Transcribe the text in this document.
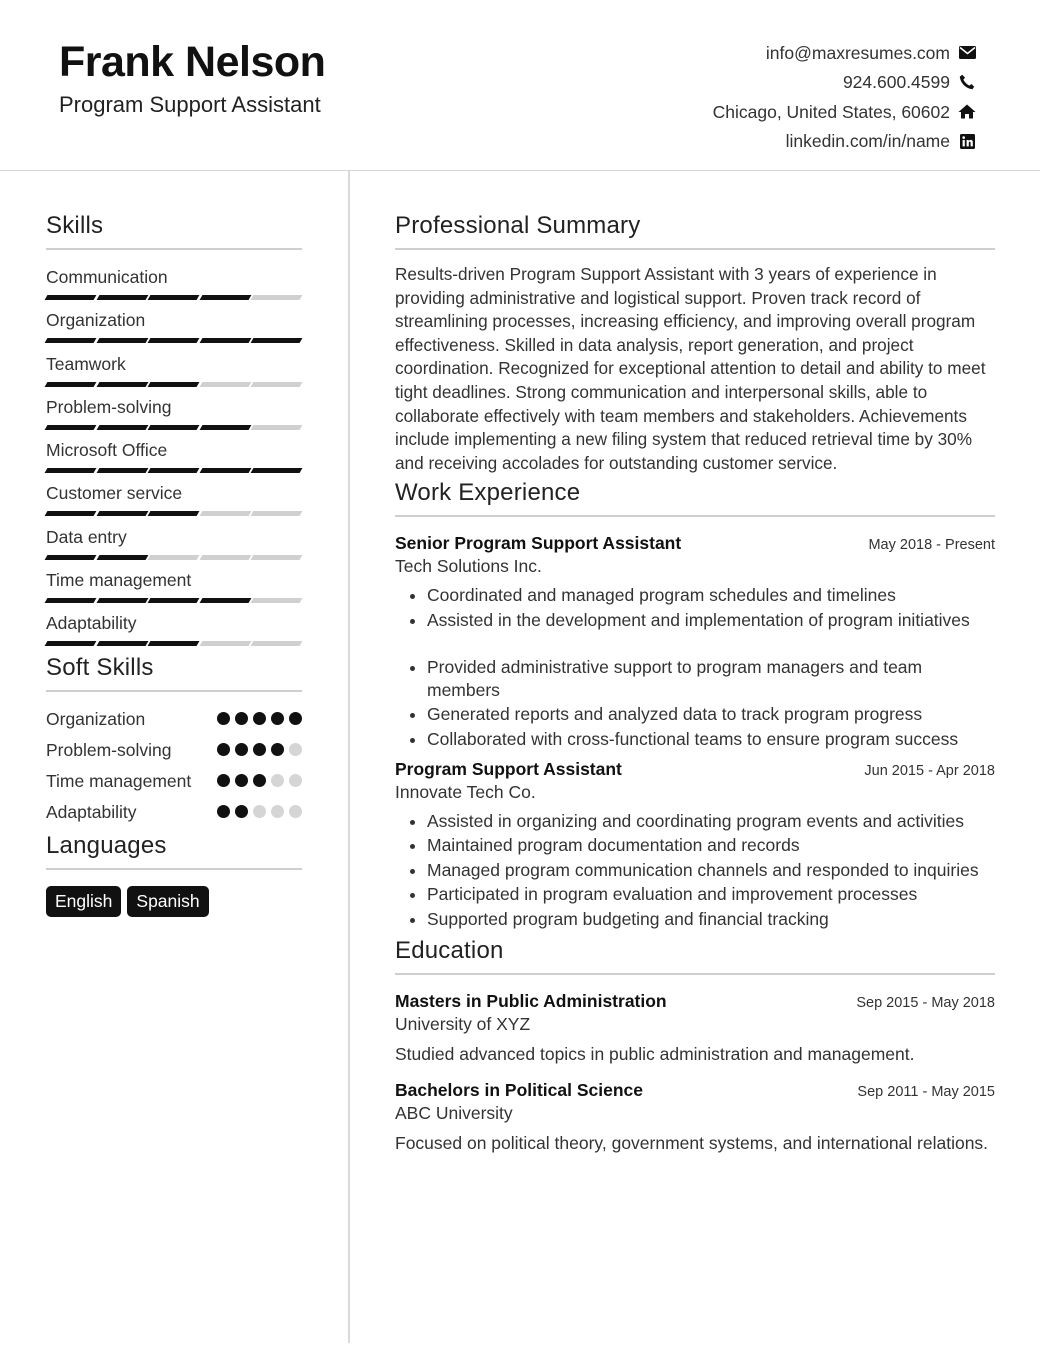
Frank Nelson
Program Support Assistant
info@maxresumes.com
924.600.4599
Chicago, United States, 60602
linkedin.com/in/name
Skills
Communication
Organization
Teamwork
Problem-solving
Microsoft Office
Customer service
Data entry
Time management
Adaptability
Soft Skills
Organization
Problem-solving
Time management
Adaptability
Languages
English	Spanish
Professional Summary
Results-driven Program Support Assistant with 3 years of experience in providing administrative and logistical support. Proven track record of streamlining processes, increasing efficiency, and improving overall program effectiveness. Skilled in data analysis, report generation, and project coordination. Recognized for exceptional attention to detail and ability to meet tight deadlines. Strong communication and interpersonal skills, able to collaborate effectively with team members and stakeholders. Achievements include implementing a new filing system that reduced retrieval time by 30% and receiving accolades for outstanding customer service.
Work Experience
Senior Program Support Assistant	May 2018 - Present
Tech Solutions Inc.
• Coordinated and managed program schedules and timelines
• Assisted in the development and implementation of program initiatives
• Provided administrative support to program managers and team members
• Generated reports and analyzed data to track program progress
• Collaborated with cross-functional teams to ensure program success
Program Support Assistant	Jun 2015 - Apr 2018
Innovate Tech Co.
• Assisted in organizing and coordinating program events and activities
• Maintained program documentation and records
• Managed program communication channels and responded to inquiries
• Participated in program evaluation and improvement processes
• Supported program budgeting and financial tracking
Education
Masters in Public Administration	Sep 2015 - May 2018
University of XYZ
Studied advanced topics in public administration and management.
Bachelors in Political Science	Sep 2011 - May 2015
ABC University
Focused on political theory, government systems, and international relations.
